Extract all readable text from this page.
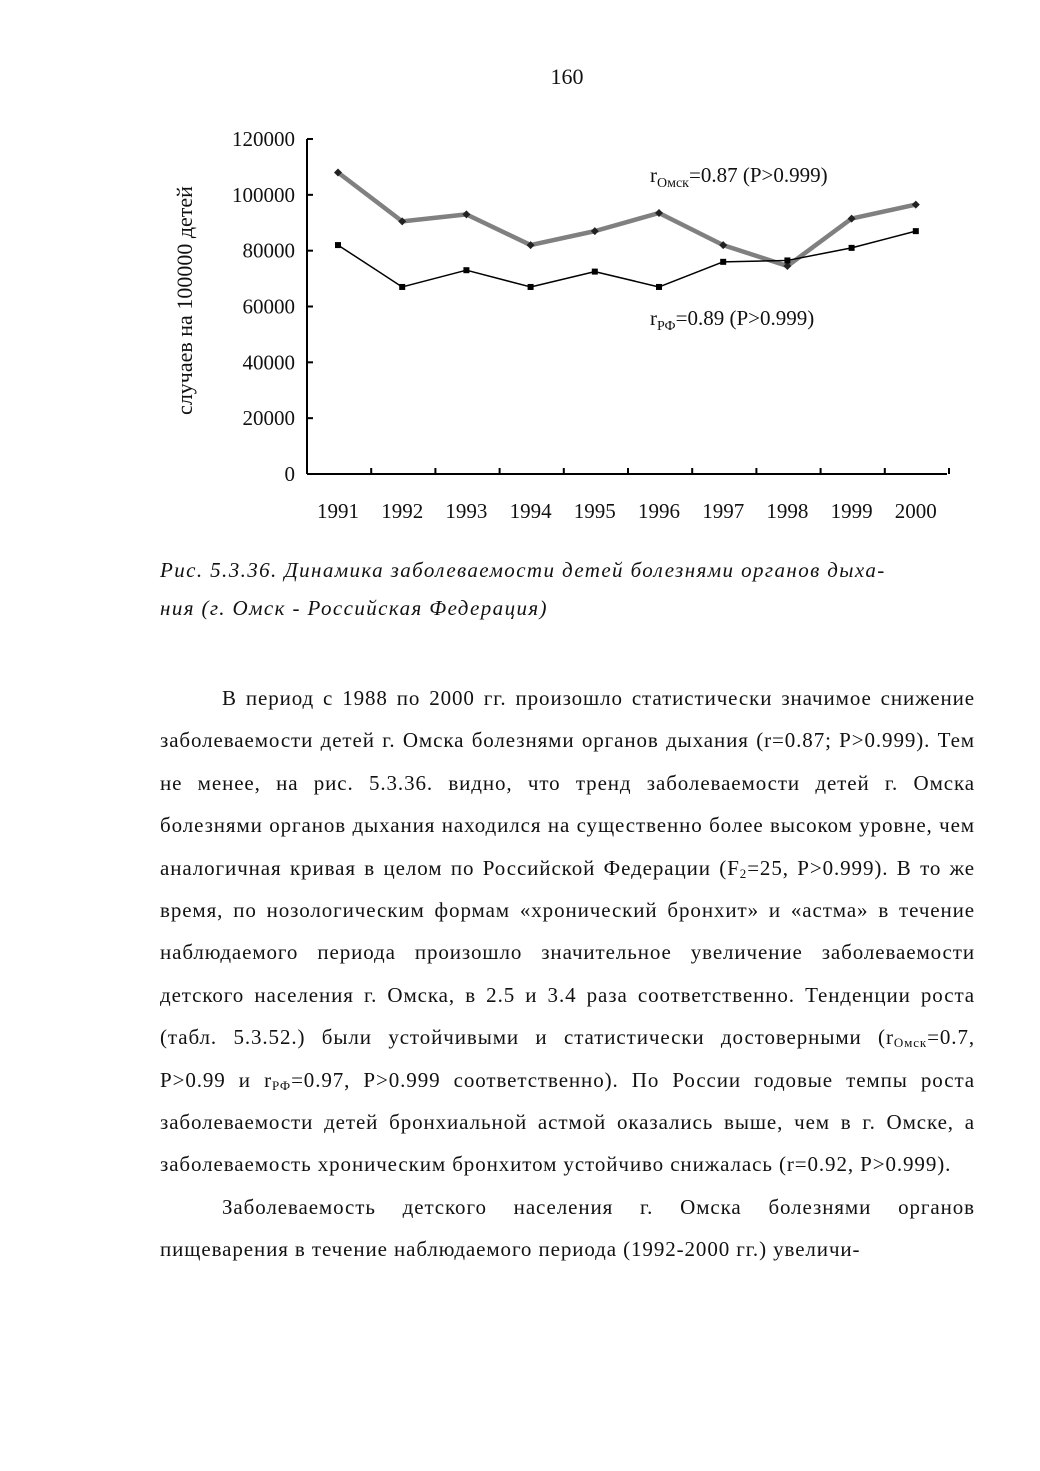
160
0
20000
40000
60000
80000
100000
120000
1991 1992 1993 1994 1995 1996 1997 1998 1999 2000
случаев на 100000 детей
$r_{Омск}=0.87$ (P>0.999)
$r_{РФ}=0.89$ (P>0.999)
Рис. 5.3.36. Динамика заболеваемости детей болезнями органов дыха-
ния (г. Омск - Российская Федерация)

В период с 1988 по 2000 гг. произошло статистически значимое снижение заболеваемости детей г. Омска болезнями органов дыхания (r=0.87; P>0.999). Тем не менее, на рис. 5.3.36. видно, что тренд заболеваемости детей г. Омска болезнями органов дыхания находился на существенно более высоком уровне, чем аналогичная кривая в целом по Российской Федерации ($F_2=25$, P>0.999). В то же время, по нозологическим формам «хронический бронхит» и «астма» в течение наблюдаемого периода произошло значительное увеличение заболеваемости детского населения г. Омска, в 2.5 и 3.4 раза соответственно. Тенденции роста (табл. 5.3.52.) были устойчивыми и статистически достоверными ($r_{Омск}=0.7$, P>0.99 и $r_{РФ}=0.97$, P>0.999 соответственно). По России годовые темпы роста заболеваемости детей бронхиальной астмой оказались выше, чем в г. Омске, а заболеваемость хроническим бронхитом устойчиво снижалась (r=0.92, P>0.999).

Заболеваемость детского населения г. Омска болезнями органов пищеварения в течение наблюдаемого периода (1992-2000 гг.) увеличи-
